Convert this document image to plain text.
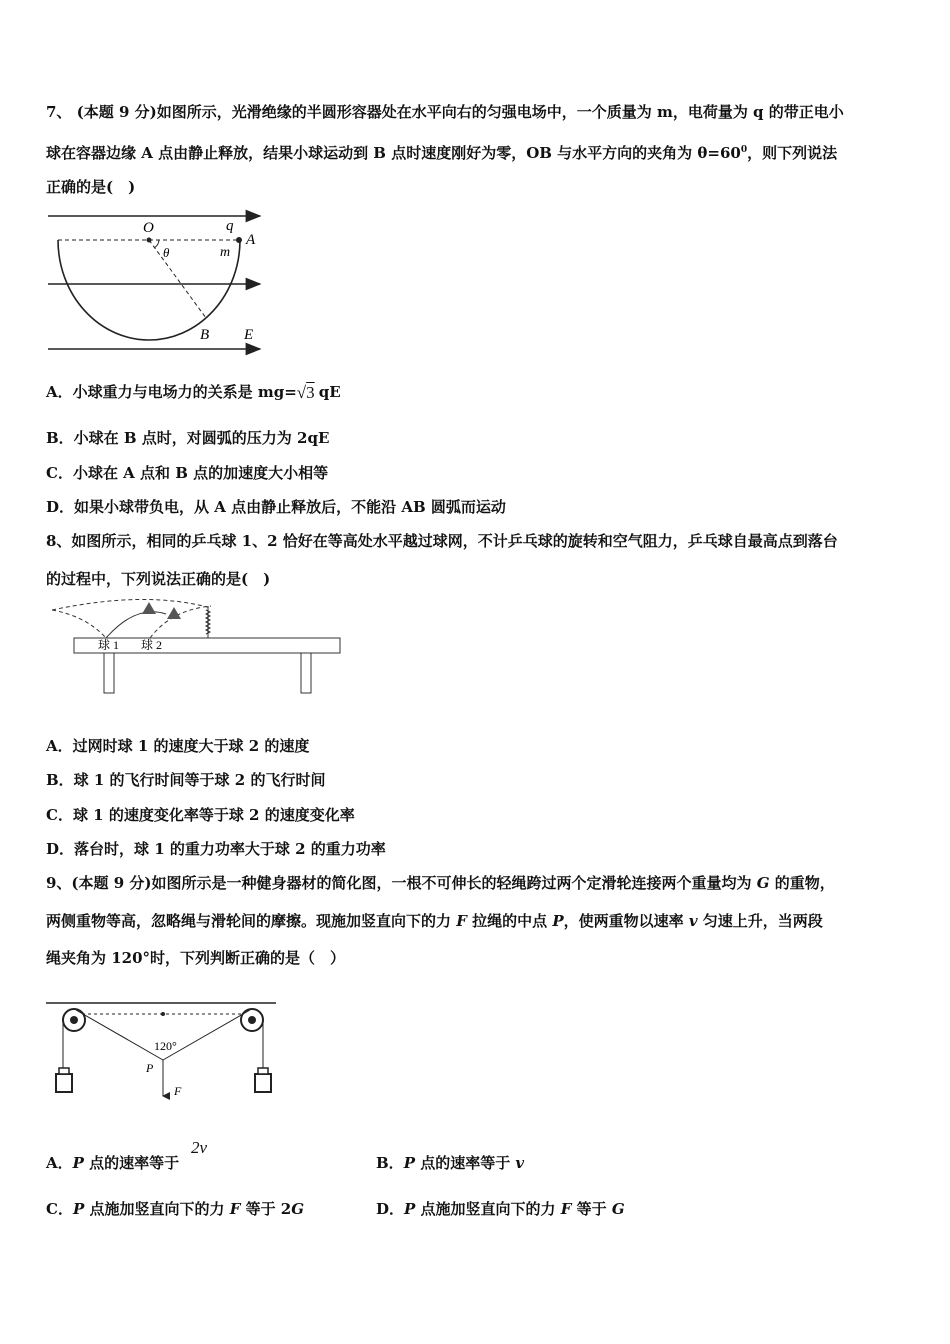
7、 (本题 9 分)如图所示，光滑绝缘的半圆形容器处在水平向右的匀强电场中，一个质量为 m，电荷量为 q 的带正电小
球在容器边缘 A 点由静止释放，结果小球运动到 B 点时速度刚好为零，OB 与水平方向的夹角为 $\theta=60^0$，则下列说法
正确的是(　)
O	q
A
θ	m
B E
A．小球重力与电场力的关系是 mg= √3 qE
B．小球在 B 点时，对圆弧的压力为 2qE
C．小球在 A 点和 B 点的加速度大小相等
D．如果小球带负电，从 A 点由静止释放后，不能沿 AB 圆弧而运动
8、如图所示，相同的乒乓球 1、2 恰好在等高处水平越过球网，不计乒乓球的旋转和空气阻力，乒乓球自最高点到落台
的过程中，下列说法正确的是(　)
球 1 球 2
A．过网时球 1 的速度大于球 2 的速度
B．球 1 的飞行时间等于球 2 的飞行时间
C．球 1 的速度变化率等于球 2 的速度变化率
D．落台时，球 1 的重力功率大于球 2 的重力功率
9、(本题 9 分)如图所示是一种健身器材的简化图，一根不可伸长的轻绳跨过两个定滑轮连接两个重量均为 G 的重物，
两侧重物等高，忽略绳与滑轮间的摩擦。现施加竖直向下的力 F 拉绳的中点 P，使两重物以速率 v 匀速上升，当两段
绳夹角为 120°时，下列判断正确的是（　）
120°
P
F
A．P 点的速率等于
2v
B．P 点的速率等于 v
C．P 点施加竖直向下的力 F 等于 2G	D．P 点施加竖直向下的力 F 等于 G
